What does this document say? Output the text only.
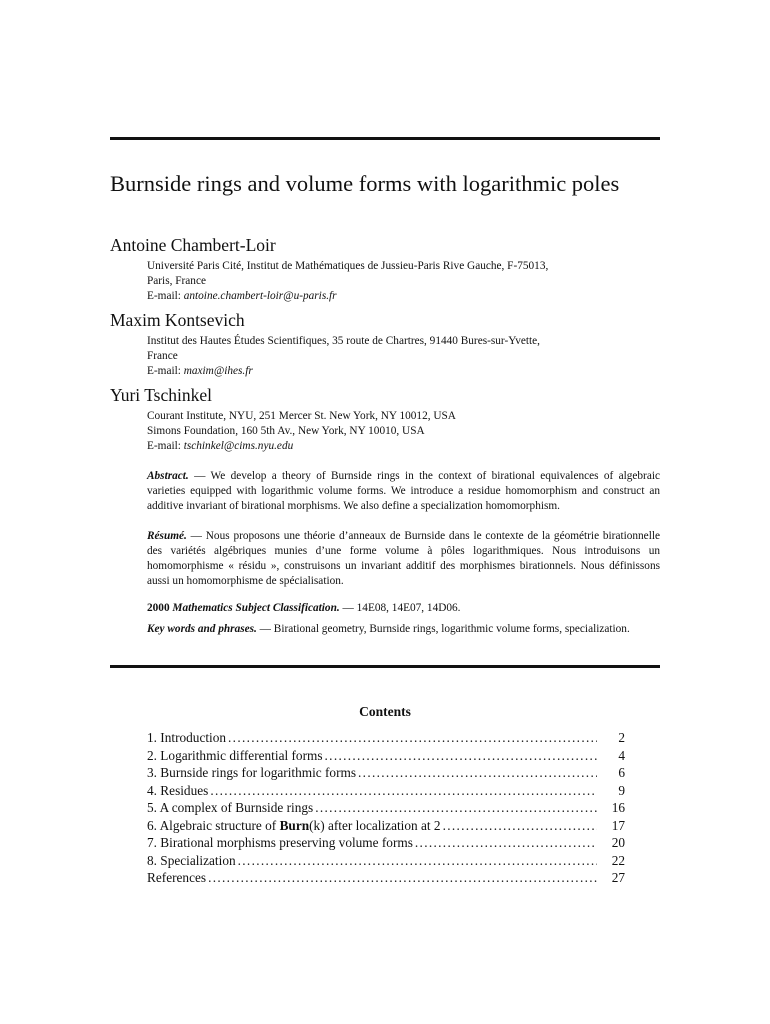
Burnside rings and volume forms with logarithmic poles
Antoine Chambert-Loir
Université Paris Cité, Institut de Mathématiques de Jussieu-Paris Rive Gauche, F-75013,
Paris, France
E-mail: antoine.chambert-loir@u-paris.fr
Maxim Kontsevich
Institut des Hautes Études Scientifiques, 35 route de Chartres, 91440 Bures-sur-Yvette,
France
E-mail: maxim@ihes.fr
Yuri Tschinkel
Courant Institute, NYU, 251 Mercer St. New York, NY 10012, USA
Simons Foundation, 160 5th Av., New York, NY 10010, USA
E-mail: tschinkel@cims.nyu.edu
Abstract. — We develop a theory of Burnside rings in the context of birational equivalences of algebraic varieties equipped with logarithmic volume forms. We introduce a residue homomorphism and construct an additive invariant of birational morphisms. We also define a specialization homomorphism.
Résumé. — Nous proposons une théorie d’anneaux de Burnside dans le contexte de la géométrie birationnelle des variétés algébriques munies d’une forme volume à pôles logarithmiques. Nous introduisons un homomorphisme « résidu », construisons un invariant additif des morphismes birationnels. Nous définissons aussi un homomorphisme de spécialisation.
2000 Mathematics Subject Classification. — 14E08, 14E07, 14D06.
Key words and phrases. — Birational geometry, Burnside rings, logarithmic volume forms, specialization.
Contents
1. Introduction . . .	2
2. Logarithmic differential forms . . .	4
3. Burnside rings for logarithmic forms . . .	6
4. Residues . . .	9
5. A complex of Burnside rings . . .	16
6. Algebraic structure of Burn(k) after localization at 2 . . .	17
7. Birational morphisms preserving volume forms . . .	20
8. Specialization . . .	22
References . . .	27
